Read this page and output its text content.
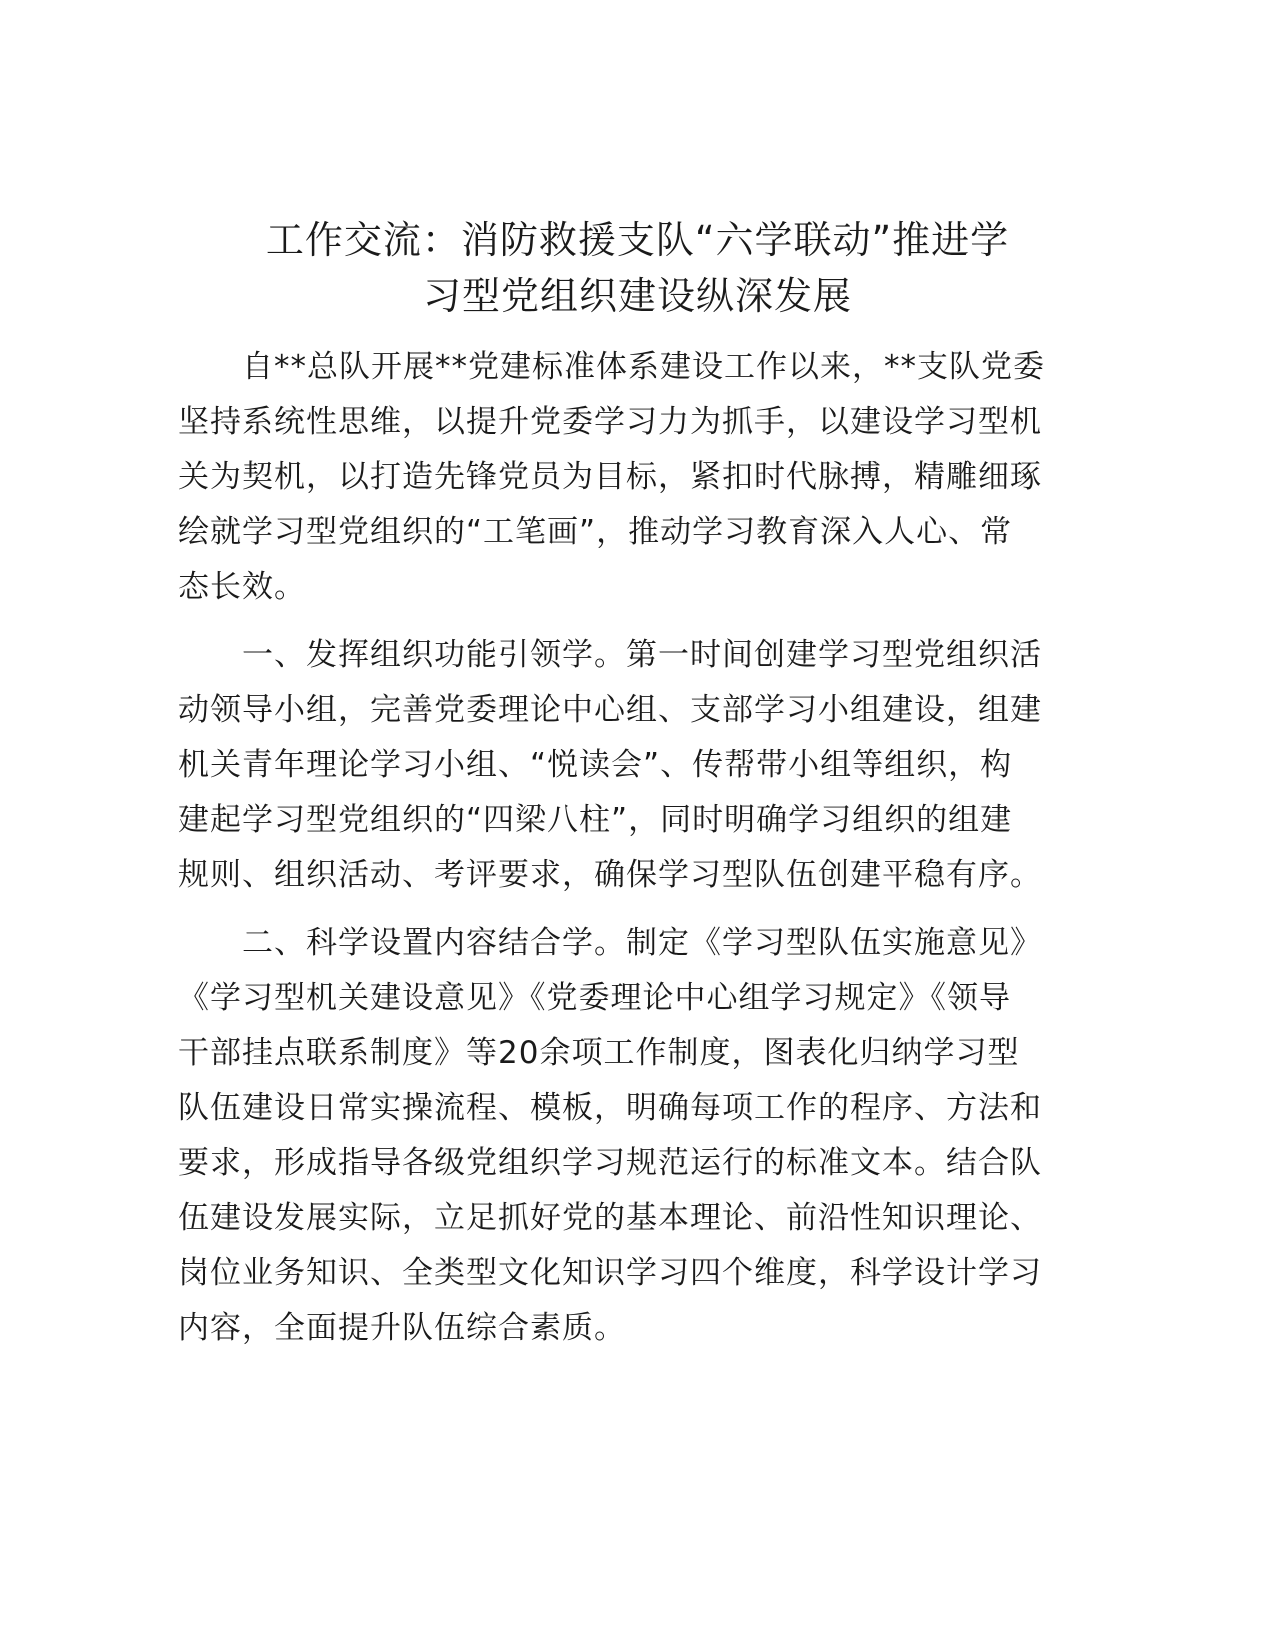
工作交流：消防救援支队“六学联动”推进学
习型党组织建设纵深发展
自**总队开展**党建标准体系建设工作以来，**支队党委
坚持系统性思维，以提升党委学习力为抓手，以建设学习型机
关为契机，以打造先锋党员为目标，紧扣时代脉搏，精雕细琢
绘就学习型党组织的“工笔画”，推动学习教育深入人心、常
态长效。
一、发挥组织功能引领学。第一时间创建学习型党组织活
动领导小组，完善党委理论中心组、支部学习小组建设，组建
机关青年理论学习小组、“悦读会”、传帮带小组等组织，构
建起学习型党组织的“四梁八柱”，同时明确学习组织的组建
规则、组织活动、考评要求，确保学习型队伍创建平稳有序。
二、科学设置内容结合学。制定《学习型队伍实施意见》
《学习型机关建设意见》《党委理论中心组学习规定》《领导
干部挂点联系制度》等20余项工作制度，图表化归纳学习型
队伍建设日常实操流程、模板，明确每项工作的程序、方法和
要求，形成指导各级党组织学习规范运行的标准文本。结合队
伍建设发展实际，立足抓好党的基本理论、前沿性知识理论、
岗位业务知识、全类型文化知识学习四个维度，科学设计学习
内容，全面提升队伍综合素质。
